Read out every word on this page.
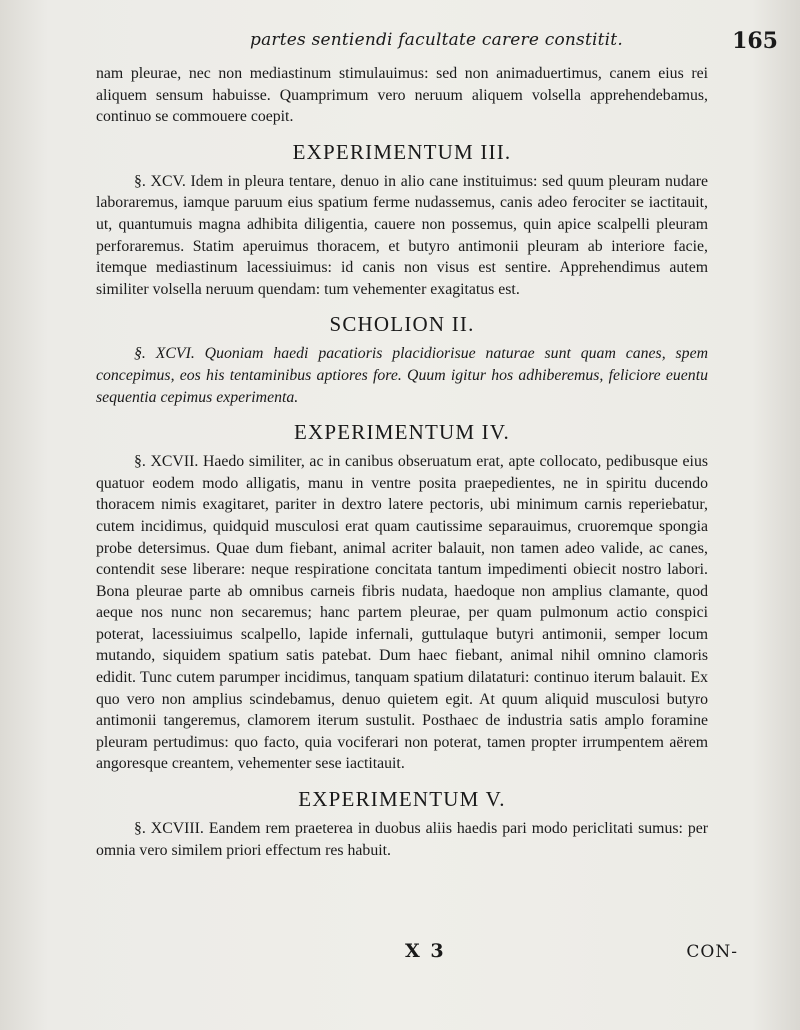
partes sentiendi facultate carere constitit.	165

nam pleurae, nec non mediastinum stimulauimus: sed non animaduertimus, canem eius rei aliquem sensum habuisse. Quamprimum vero neruum aliquem volsella apprehendebamus, continuo se commouere coepit.

EXPERIMENTUM III.

§. XCV. Idem in pleura tentare, denuo in alio cane instituimus: sed quum pleuram nudare laboraremus, iamque paruum eius spatium ferme nudassemus, canis adeo ferociter se iactitauit, ut, quantumuis magna adhibita diligentia, cauere non possemus, quin apice scalpelli pleuram perforaremus. Statim aperuimus thoracem, et butyro antimonii pleuram ab interiore facie, itemque mediastinum lacessiuimus: id canis non visus est sentire. Apprehendimus autem similiter volsella neruum quendam: tum vehementer exagitatus est.

SCHOLION II.

§. XCVI. Quoniam haedi pacatioris placidiorisue naturae sunt quam canes, spem concepimus, eos his tentaminibus aptiores fore. Quum igitur hos adhiberemus, feliciore euentu sequentia cepimus experimenta.

EXPERIMENTUM IV.

§. XCVII. Haedo similiter, ac in canibus obseruatum erat, apte collocato, pedibusque eius quatuor eodem modo alligatis, manu in ventre posita praepedientes, ne in spiritu ducendo thoracem nimis exagitaret, pariter in dextro latere pectoris, ubi minimum carnis reperiebatur, cutem incidimus, quidquid musculosi erat quam cautissime separauimus, cruoremque spongia probe detersimus. Quae dum fiebant, animal acriter balauit, non tamen adeo valide, ac canes, contendit sese liberare: neque respiratione concitata tantum impedimenti obiecit nostro labori. Bona pleurae parte ab omnibus carneis fibris nudata, haedoque non amplius clamante, quod aeque nos nunc non secaremus; hanc partem pleurae, per quam pulmonum actio conspici poterat, lacessiuimus scalpello, lapide infernali, guttulaque butyri antimonii, semper locum mutando, siquidem spatium satis patebat. Dum haec fiebant, animal nihil omnino clamoris edidit. Tunc cutem parumper incidimus, tanquam spatium dilataturi: continuo iterum balauit. Ex quo vero non amplius scindebamus, denuo quietem egit. At quum aliquid musculosi butyro antimonii tangeremus, clamorem iterum sustulit. Posthaec de industria satis amplo foramine pleuram pertudimus: quo facto, quia vociferari non poterat, tamen propter irrumpentem aërem angoresque creantem, vehementer sese iactitauit.

EXPERIMENTUM V.

§. XCVIII. Eandem rem praeterea in duobus aliis haedis pari modo periclitati sumus: per omnia vero similem priori effectum res habuit.

X 3	CON-
